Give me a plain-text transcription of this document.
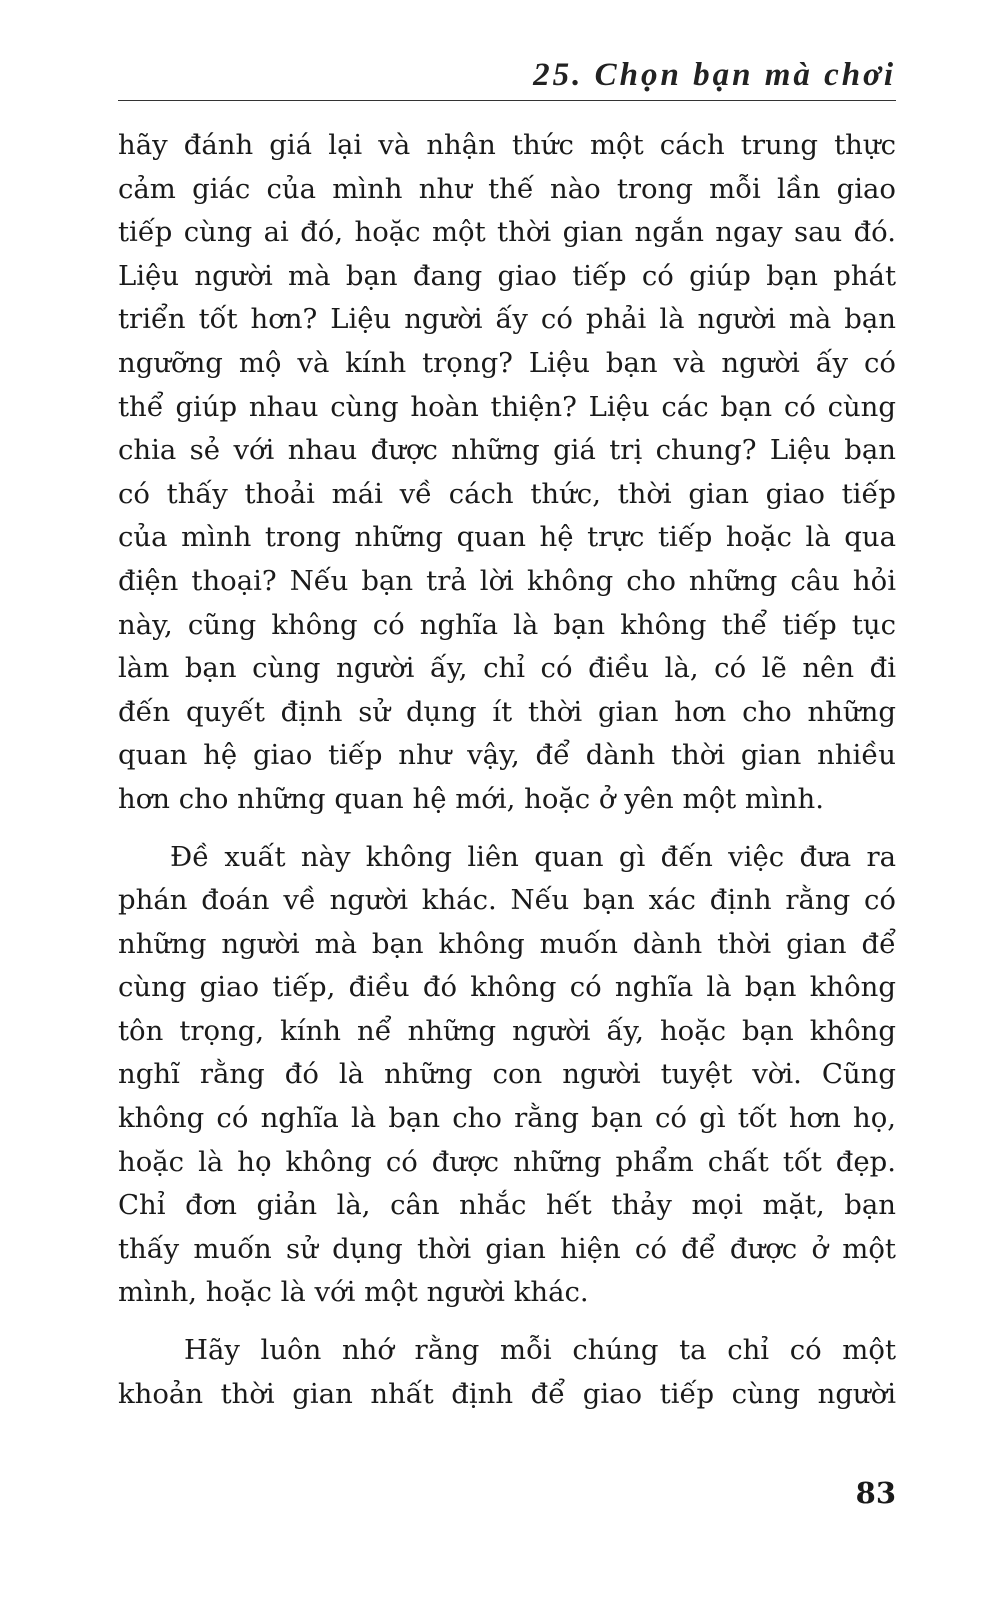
25. Chọn bạn mà chơi

hãy đánh giá lại và nhận thức một cách trung thực
cảm giác của mình như thế nào trong mỗi lần giao
tiếp cùng ai đó, hoặc một thời gian ngắn ngay sau đó.
Liệu người mà bạn đang giao tiếp có giúp bạn phát
triển tốt hơn? Liệu người ấy có phải là người mà bạn
ngưỡng mộ và kính trọng? Liệu bạn và người ấy có
thể giúp nhau cùng hoàn thiện? Liệu các bạn có cùng
chia sẻ với nhau được những giá trị chung? Liệu bạn
có thấy thoải mái về cách thức, thời gian giao tiếp
của mình trong những quan hệ trực tiếp hoặc là qua
điện thoại? Nếu bạn trả lời không cho những câu hỏi
này, cũng không có nghĩa là bạn không thể tiếp tục
làm bạn cùng người ấy, chỉ có điều là, có lẽ nên đi
đến quyết định sử dụng ít thời gian hơn cho những
quan hệ giao tiếp như vậy, để dành thời gian nhiều
hơn cho những quan hệ mới, hoặc ở yên một mình.

Đề xuất này không liên quan gì đến việc đưa ra
phán đoán về người khác. Nếu bạn xác định rằng có
những người mà bạn không muốn dành thời gian để
cùng giao tiếp, điều đó không có nghĩa là bạn không
tôn trọng, kính nể những người ấy, hoặc bạn không
nghĩ rằng đó là những con người tuyệt vời. Cũng
không có nghĩa là bạn cho rằng bạn có gì tốt hơn họ,
hoặc là họ không có được những phẩm chất tốt đẹp.
Chỉ đơn giản là, cân nhắc hết thảy mọi mặt, bạn
thấy muốn sử dụng thời gian hiện có để được ở một
mình, hoặc là với một người khác.

Hãy luôn nhớ rằng mỗi chúng ta chỉ có một
khoản thời gian nhất định để giao tiếp cùng người

83
